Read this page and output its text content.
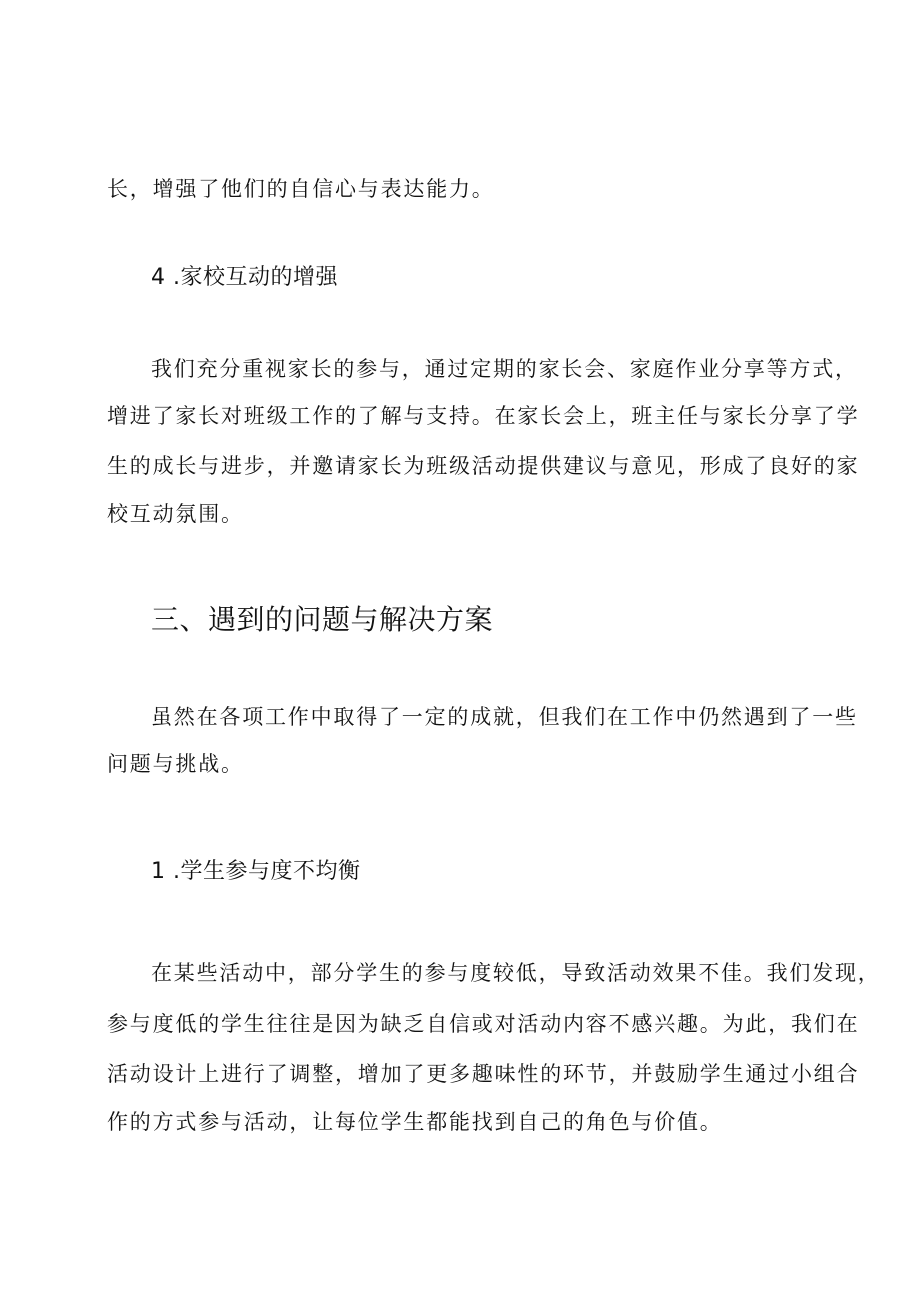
长，增强了他们的自信心与表达能力。
4 .家校互动的增强
我们充分重视家长的参与，通过定期的家长会、家庭作业分享等方式，
增进了家长对班级工作的了解与支持。在家长会上，班主任与家长分享了学
生的成长与进步，并邀请家长为班级活动提供建议与意见，形成了良好的家
校互动氛围。
三、遇到的问题与解决方案
虽然在各项工作中取得了一定的成就，但我们在工作中仍然遇到了一些
问题与挑战。
1 .学生参与度不均衡
在某些活动中，部分学生的参与度较低，导致活动效果不佳。我们发现，
参与度低的学生往往是因为缺乏自信或对活动内容不感兴趣。为此，我们在
活动设计上进行了调整，增加了更多趣味性的环节，并鼓励学生通过小组合
作的方式参与活动，让每位学生都能找到自己的角色与价值。
